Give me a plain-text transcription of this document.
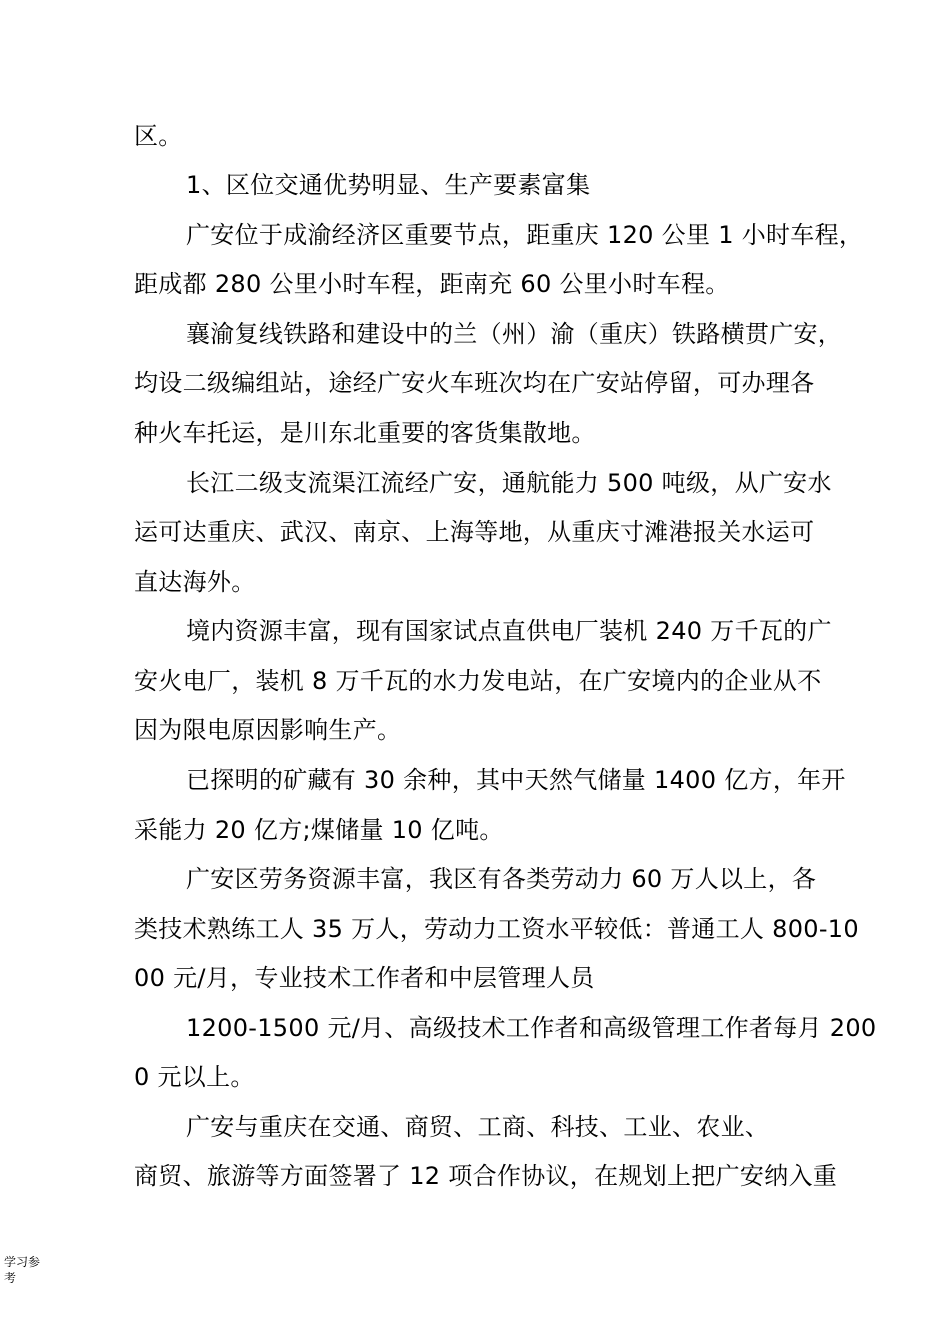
区。
1、区位交通优势明显、生产要素富集
广安位于成渝经济区重要节点，距重庆 120 公里 1 小时车程，
距成都 280 公里小时车程，距南充 60 公里小时车程。
襄渝复线铁路和建设中的兰（州）渝（重庆）铁路横贯广安，
均设二级编组站，途经广安火车班次均在广安站停留，可办理各
种火车托运，是川东北重要的客货集散地。
长江二级支流渠江流经广安，通航能力 500 吨级，从广安水
运可达重庆、武汉、南京、上海等地，从重庆寸滩港报关水运可
直达海外。
境内资源丰富，现有国家试点直供电厂装机 240 万千瓦的广
安火电厂，装机 8 万千瓦的水力发电站，在广安境内的企业从不
因为限电原因影响生产。
已探明的矿藏有 30 余种，其中天然气储量 1400 亿方，年开
采能力 20 亿方;煤储量 10 亿吨。
广安区劳务资源丰富，我区有各类劳动力 60 万人以上，各
类技术熟练工人 35 万人，劳动力工资水平较低：普通工人 800-10
00 元/月，专业技术工作者和中层管理人员
1200-1500 元/月、高级技术工作者和高级管理工作者每月 200
0 元以上。
广安与重庆在交通、商贸、工商、科技、工业、农业、
商贸、旅游等方面签署了 12 项合作协议，在规划上把广安纳入重
学习参考
